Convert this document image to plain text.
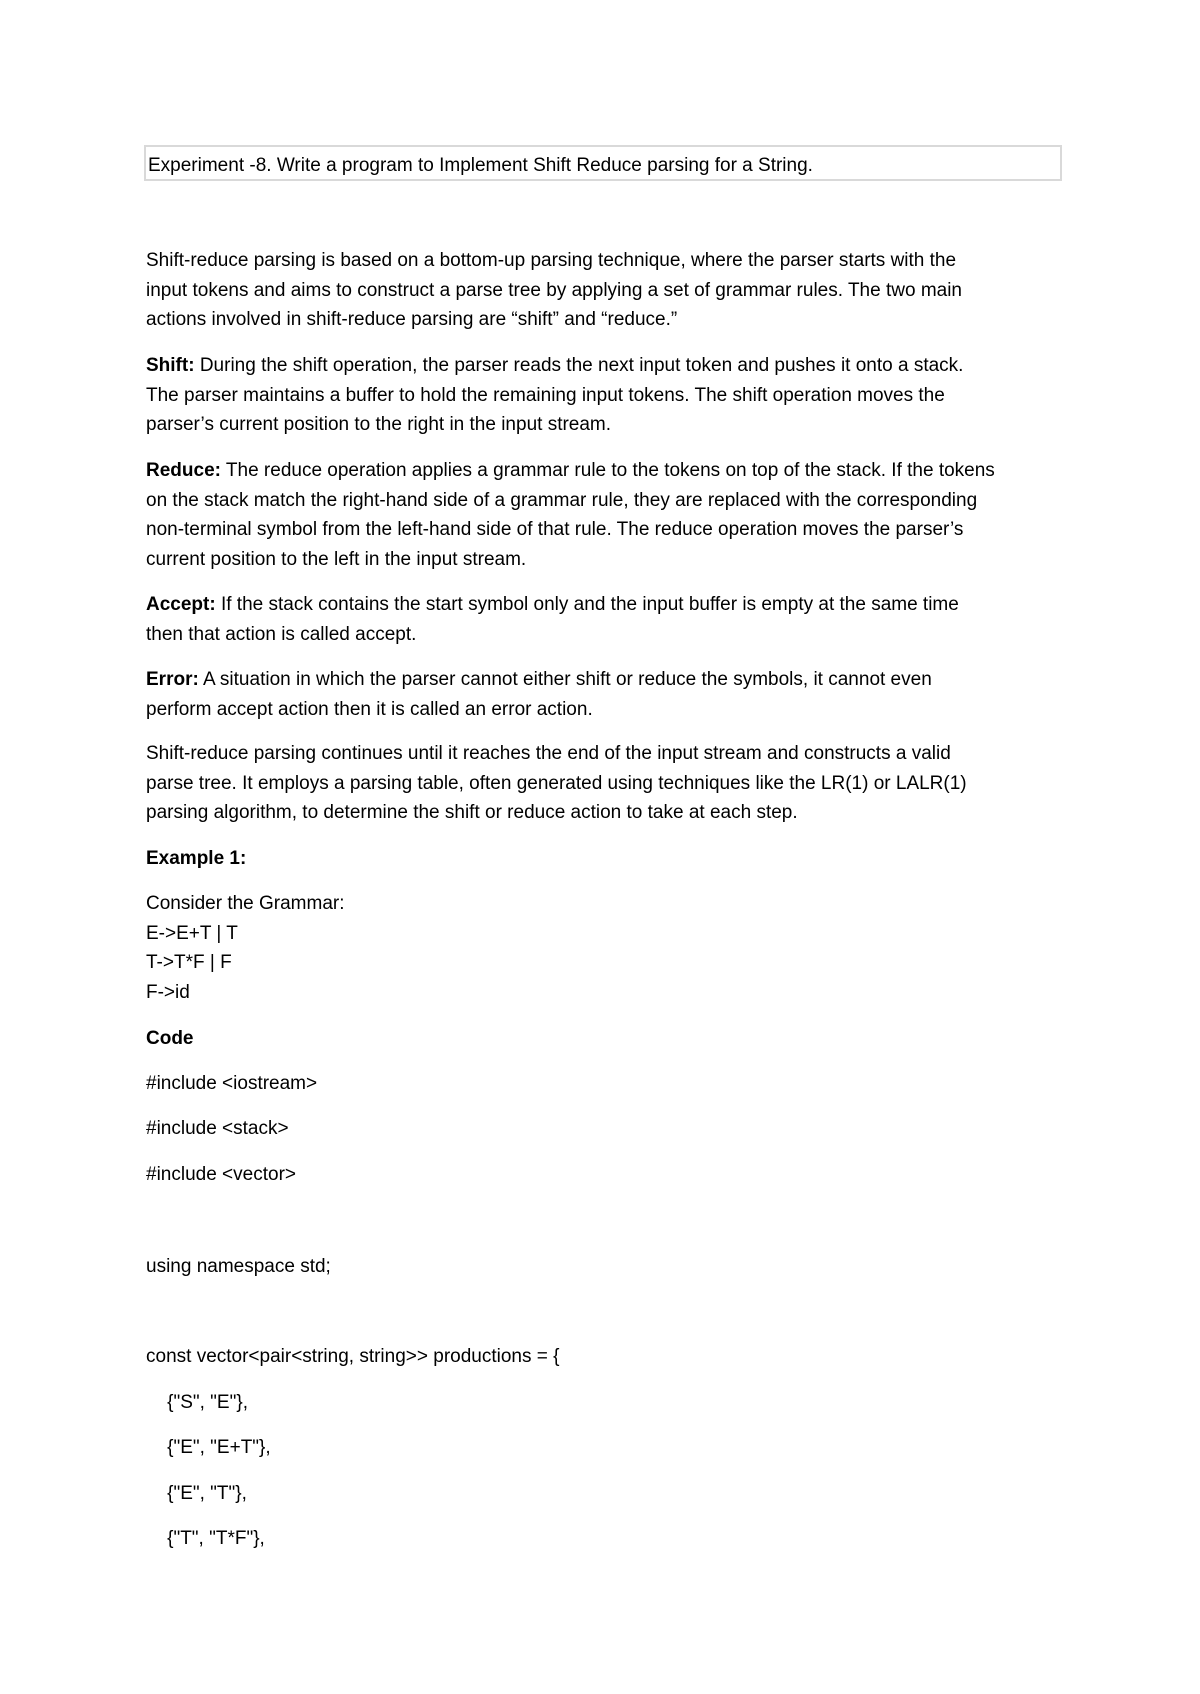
Experiment -8. Write a program to Implement Shift Reduce parsing for a String.
Shift-reduce parsing is based on a bottom-up parsing technique, where the parser starts with the
input tokens and aims to construct a parse tree by applying a set of grammar rules. The two main
actions involved in shift-reduce parsing are “shift” and “reduce.”
Shift: During the shift operation, the parser reads the next input token and pushes it onto a stack.
The parser maintains a buffer to hold the remaining input tokens. The shift operation moves the
parser’s current position to the right in the input stream.
Reduce: The reduce operation applies a grammar rule to the tokens on top of the stack. If the tokens
on the stack match the right-hand side of a grammar rule, they are replaced with the corresponding
non-terminal symbol from the left-hand side of that rule. The reduce operation moves the parser’s
current position to the left in the input stream.
Accept: If the stack contains the start symbol only and the input buffer is empty at the same time
then that action is called accept.
Error: A situation in which the parser cannot either shift or reduce the symbols, it cannot even
perform accept action then it is called an error action.
Shift-reduce parsing continues until it reaches the end of the input stream and constructs a valid
parse tree. It employs a parsing table, often generated using techniques like the LR(1) or LALR(1)
parsing algorithm, to determine the shift or reduce action to take at each step.
Example 1:
Consider the Grammar:
E->E+T | T
T->T*F | F
F->id
Code
#include <iostream>
#include <stack>
#include <vector>
using namespace std;
const vector<pair<string, string>> productions = {
{"S", "E"},
{"E", "E+T"},
{"E", "T"},
{"T", "T*F"},
